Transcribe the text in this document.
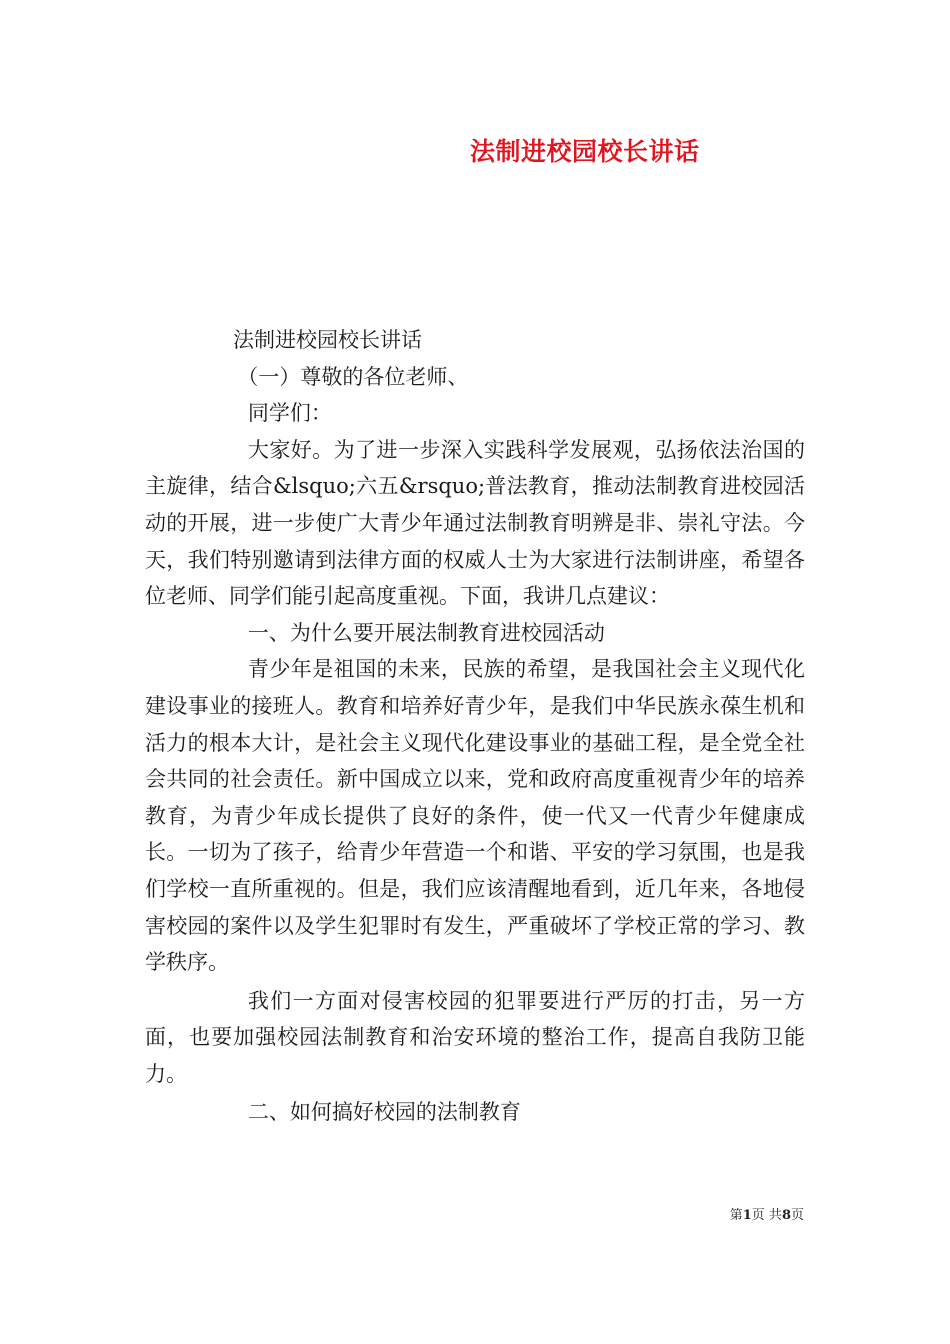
法制进校园校长讲话

法制进校园校长讲话

（一）尊敬的各位老师、

同学们：

大家好。为了进一步深入实践科学发展观，弘扬依法治国的主旋律，结合&lsquo;六五&rsquo;普法教育，推动法制教育进校园活动的开展，进一步使广大青少年通过法制教育明辨是非、崇礼守法。今天，我们特别邀请到法律方面的权威人士为大家进行法制讲座，希望各位老师、同学们能引起高度重视。下面，我讲几点建议：

一、为什么要开展法制教育进校园活动

青少年是祖国的未来，民族的希望，是我国社会主义现代化建设事业的接班人。教育和培养好青少年，是我们中华民族永葆生机和活力的根本大计，是社会主义现代化建设事业的基础工程，是全党全社会共同的社会责任。新中国成立以来，党和政府高度重视青少年的培养教育，为青少年成长提供了良好的条件，使一代又一代青少年健康成长。一切为了孩子，给青少年营造一个和谐、平安的学习氛围，也是我们学校一直所重视的。但是，我们应该清醒地看到，近几年来，各地侵害校园的案件以及学生犯罪时有发生，严重破坏了学校正常的学习、教学秩序。

我们一方面对侵害校园的犯罪要进行严厉的打击，另一方面，也要加强校园法制教育和治安环境的整治工作，提高自我防卫能力。

二、如何搞好校园的法制教育

第1页 共8页
